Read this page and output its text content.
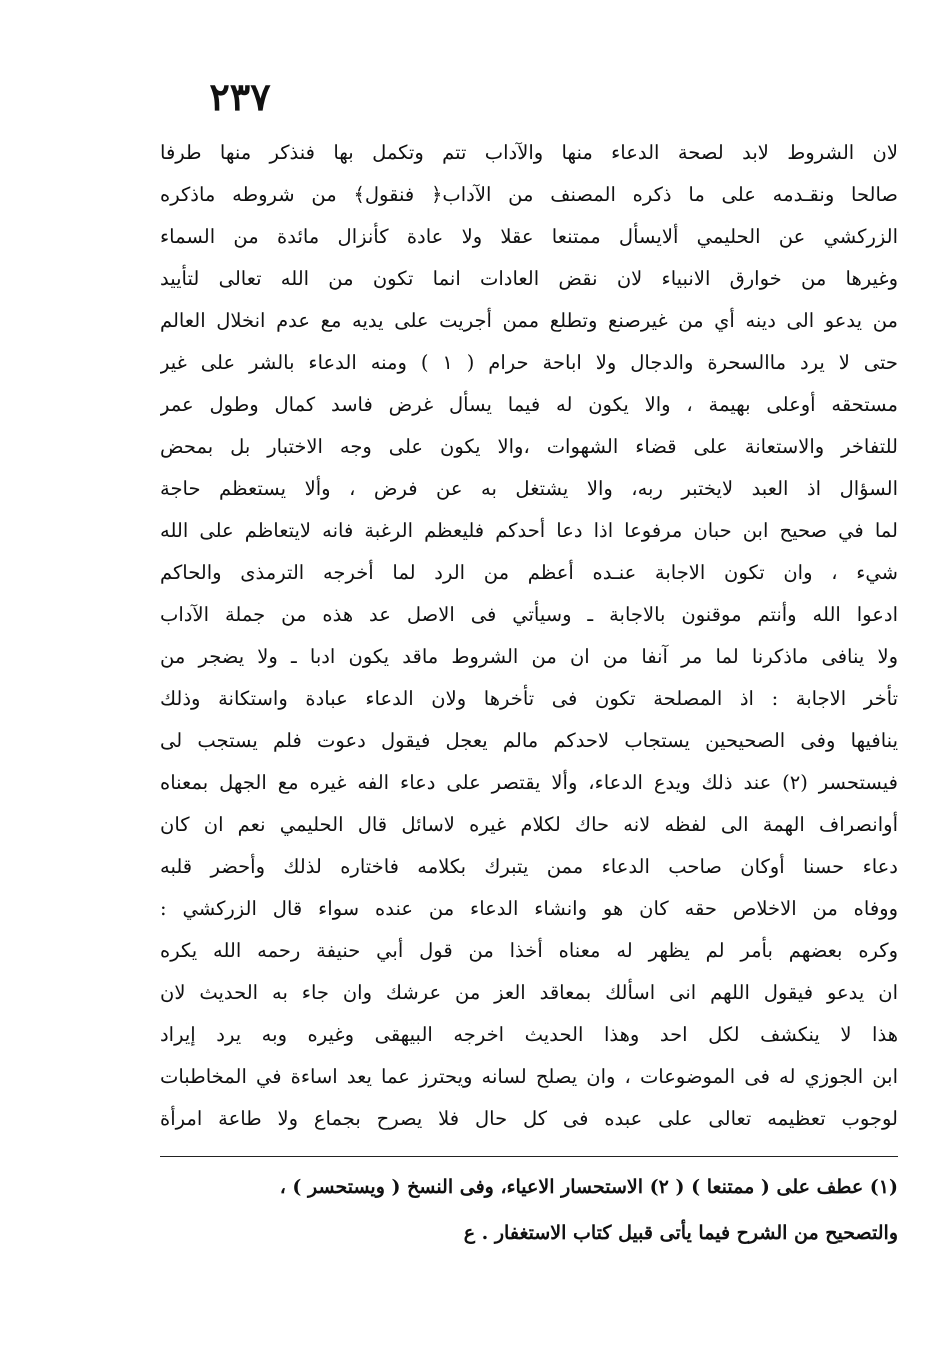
٢٣٧
لان الشروط لابد لصحة الدعاء منها والآداب تتم وتكمل بها فنذكر منها طرفا
صالحا ونقـدمه على ما ذكره المصنف من الآداب﴿ فنقول﴾ من شروطه ماذكره
الزركشي عن الحليمي ألايسأل ممتنعا عقلا ولا عادة كأنزال مائدة من السماء
وغيرها من خوارق الانبياء لان نقض العادات انما تكون من الله تعالى لتأييد
من يدعو الى دينه أي من غيرصنع وتطلع ممن أجريت على يديه مع عدم انخلال العالم
حتى لا يرد ماالسحرة والدجال ولا اباحة حرام ( ١ ) ومنه الدعاء بالشر على غير
مستحقه أوعلى بهيمة ، والا يكون له فيما يسأل غرض فاسد كمال وطول عمر
للتفاخر والاستعانة على قضاء الشهوات ،والا يكون على وجه الاختبار بل بمحض
السؤال اذ العبد لايختبر ربه، والا يشتغل به عن فرض ، وألا يستعظم حاجة
لما في صحيح ابن حبان مرفوعا اذا دعا أحدكم فليعظم الرغبة فانه لايتعاظم على الله
شيء ، وان تكون الاجابة عنـده أعظم من الرد لما أخرجه الترمذى والحاكم
ادعوا الله وأنتم موقنون بالاجابة ـ وسيأتي فى الاصل عد هذه من جملة الآداب
ولا ينافى ماذكرنا لما مر آنفا من ان من الشروط ماقد يكون ادبا ـ ولا يضجر من
تأخر الاجابة : اذ المصلحة تكون فى تأخرها ولان الدعاء عبادة واستكانة وذلك
ينافيها وفى الصحيحين يستجاب لاحدكم مالم يعجل فيقول دعوت فلم يستجب لى
فيستحسر (٢) عند ذلك ويدع الدعاء، وألا يقتصر على دعاء الفه غيره مع الجهل بمعناه
أوانصراف الهمة الى لفظه لانه حاك لكلام غيره لاسائل قال الحليمي نعم ان كان
دعاء حسنا أوكان صاحب الدعاء ممن يتبرك بكلامه فاختاره لذلك وأحضر قلبه
ووفاه من الاخلاص حقه كان هو وانشاء الدعاء من عنده سواء قال الزركشي :
وكره بعضهم بأمر لم يظهر له معناه أخذا من قول أبي حنيفة رحمه الله يكره
ان يدعو فيقول اللهم انى اسألك بمعاقد العز من عرشك وان جاء به الحديث لان
هذا لا ينكشف لكل احد وهذا الحديث اخرجه البيهقى وغيره وبه يرد إيراد
ابن الجوزي له فى الموضوعات ، وان يصلح لسانه ويحترز عما يعد اساءة في المخاطبات
لوجوب تعظيمه تعالى على عبده فى كل حال فلا يصرح بجماع ولا طاعة امرأة
(١) عطف على ( ممتنعا ) ( ٢) الاستحسار الاعياء، وفى النسخ ( ويستحسر ) ،
والتصحيح من الشرح فيما يأتى قبيل كتاب الاستغفار . ع
